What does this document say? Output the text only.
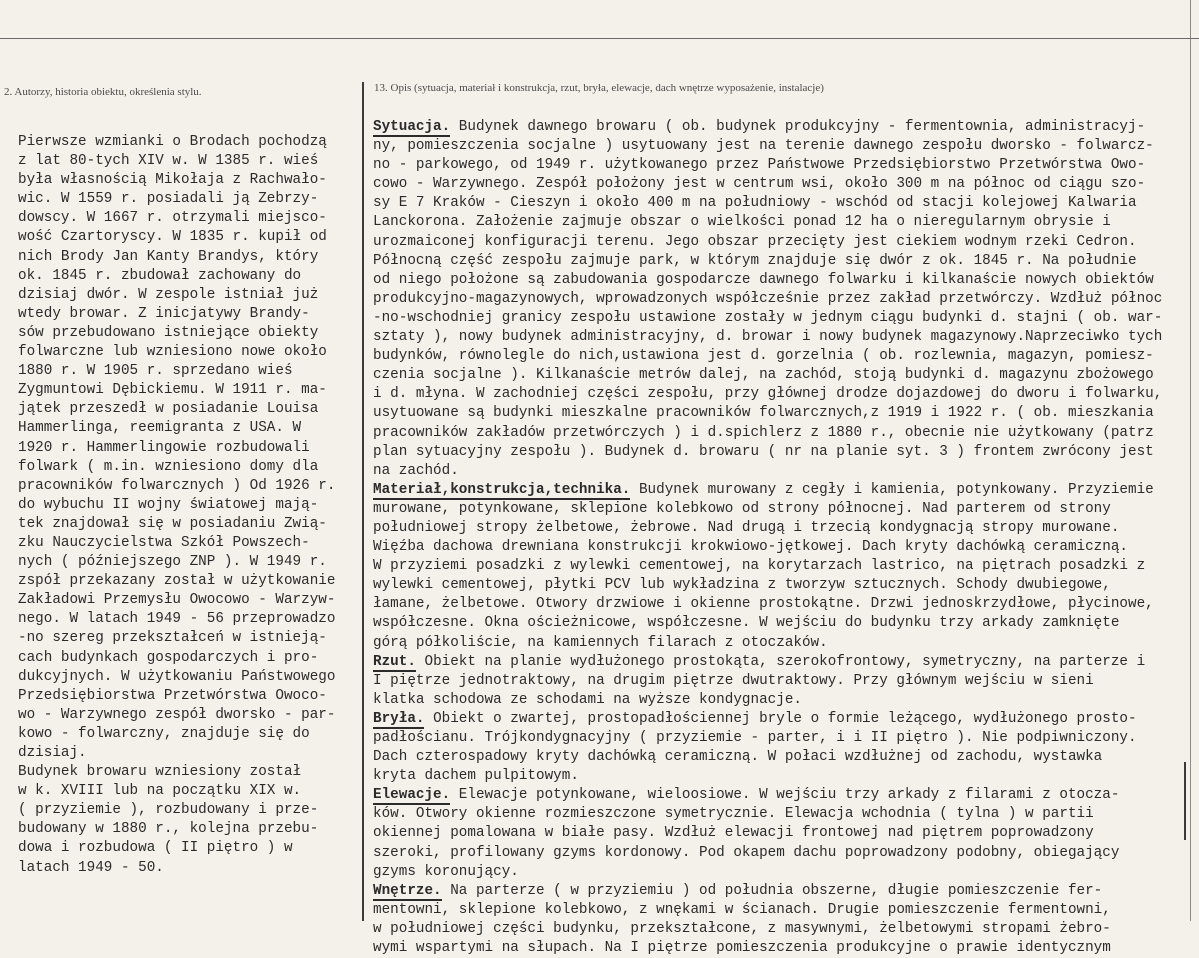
2. Autorzy, historia obiektu, określenia stylu.	13. Opis (sytuacja, materiał i konstrukcja, rzut, bryła, elewacje, dach wnętrze wyposażenie, instalacje)
Pierwsze wzmianki o Brodach pochodzą
z lat 80-tych XIV w. W 1385 r. wieś
była własnością Mikołaja z Rachwało-
wic. W 1559 r. posiadali ją Zebrzy-
dowscy. W 1667 r. otrzymali miejsco-
wość Czartoryscy. W 1835 r. kupił od
nich Brody Jan Kanty Brandys, który
ok. 1845 r. zbudował zachowany do
dzisiaj dwór. W zespole istniał już
wtedy browar. Z inicjatywy Brandy-
sów przebudowano istniejące obiekty
folwarczne lub wzniesiono nowe około
1880 r. W 1905 r. sprzedano wieś
Zygmuntowi Dębickiemu. W 1911 r. ma-
jątek przeszedł w posiadanie Louisa
Hammerlinga, reemigranta z USA. W
1920 r. Hammerlingowie rozbudowali
folwark ( m.in. wzniesiono domy dla
pracowników folwarcznych ) Od 1926 r.
do wybuchu II wojny światowej mają-
tek znajdował się w posiadaniu Zwią-
zku Nauczycielstwa Szkół Powszech-
nych ( późniejszego ZNP ). W 1949 r.
zspół przekazany został w użytkowanie
Zakładowi Przemysłu Owocowo - Warzyw-
nego. W latach 1949 - 56 przeprowadzo
-no szereg przekształceń w istnieją-
cach budynkach gospodarczych i pro-
dukcyjnych. W użytkowaniu Państwowego
Przedsiębiorstwa Przetwórstwa Owoco-
wo - Warzywnego zespół dworsko - par-
kowo - folwarczny, znajduje się do
dzisiaj.
Budynek browaru wzniesiony został
w k. XVIII lub na początku XIX w.
( przyziemie ), rozbudowany i prze-
budowany w 1880 r., kolejna przebu-
dowa i rozbudowa ( II piętro ) w
latach 1949 - 50.
Sytuacja. Budynek dawnego browaru ( ob. budynek produkcyjny - fermentownia, administracyj-
ny, pomieszczenia socjalne ) usytuowany jest na terenie dawnego zespołu dworsko - folwarcz-
no - parkowego, od 1949 r. użytkowanego przez Państwowe Przedsiębiorstwo Przetwórstwa Owo-
cowo - Warzywnego. Zespół położony jest w centrum wsi, około 300 m na północ od ciągu szo-
sy E 7 Kraków - Cieszyn i około 400 m na południowy - wschód od stacji kolejowej Kalwaria
Lanckorona. Założenie zajmuje obszar o wielkości ponad 12 ha o nieregularnym obrysie i
urozmaiconej konfiguracji terenu. Jego obszar przecięty jest ciekiem wodnym rzeki Cedron.
Północną część zespołu zajmuje park, w którym znajduje się dwór z ok. 1845 r. Na południe
od niego położone są zabudowania gospodarcze dawnego folwarku i kilkanaście nowych obiektów
produkcyjno-magazynowych, wprowadzonych współcześnie przez zakład przetwórczy. Wzdłuż północ
-no-wschodniej granicy zespołu ustawione zostały w jednym ciągu budynki d. stajni ( ob. war-
sztaty ), nowy budynek administracyjny, d. browar i nowy budynek magazynowy.Naprzeciwko tych
budynków, równolegle do nich,ustawiona jest d. gorzelnia ( ob. rozlewnia, magazyn, pomiesz-
czenia socjalne ). Kilkanaście metrów dalej, na zachód, stoją budynki d. magazynu zbożowego
i d. młyna. W zachodniej części zespołu, przy głównej drodze dojazdowej do dworu i folwarku,
usytuowane są budynki mieszkalne pracowników folwarcznych,z 1919 i 1922 r. ( ob. mieszkania
pracowników zakładów przetwórczych ) i d.spichlerz z 1880 r., obecnie nie użytkowany (patrz
plan sytuacyjny zespołu ). Budynek d. browaru ( nr na planie syt. 3 ) frontem zwrócony jest
na zachód.
Materiał,konstrukcja,technika. Budynek murowany z cegły i kamienia, potynkowany. Przyziemie
murowane, potynkowane, sklepione kolebkowo od strony północnej. Nad parterem od strony
południowej stropy żelbetowe, żebrowe. Nad drugą i trzecią kondygnacją stropy murowane.
Więźba dachowa drewniana konstrukcji krokwiowo-jętkowej. Dach kryty dachówką ceramiczną.
W przyziemi posadzki z wylewki cementowej, na korytarzach lastrico, na piętrach posadzki z
wylewki cementowej, płytki PCV lub wykładzina z tworzyw sztucznych. Schody dwubiegowe,
łamane, żelbetowe. Otwory drzwiowe i okienne prostokątne. Drzwi jednoskrzydłowe, płycinowe,
współczesne. Okna ościeżnicowe, współczesne. W wejściu do budynku trzy arkady zamknięte
górą półkoliście, na kamiennych filarach z otoczaków.
Rzut. Obiekt na planie wydłużonego prostokąta, szerokofrontowy, symetryczny, na parterze i
I piętrze jednotraktowy, na drugim piętrze dwutraktowy. Przy głównym wejściu w sieni
klatka schodowa ze schodami na wyższe kondygnacje.
Bryła. Obiekt o zwartej, prostopadłościennej bryle o formie leżącego, wydłużonego prosto-
padłościanu. Trójkondygnacyjny ( przyziemie - parter, i i II piętro ). Nie podpiwniczony.
Dach czterospadowy kryty dachówką ceramiczną. W połaci wzdłużnej od zachodu, wystawka
kryta dachem pulpitowym.
Elewacje. Elewacje potynkowane, wieloosiowe. W wejściu trzy arkady z filarami z otocza-
ków. Otwory okienne rozmieszczone symetrycznie. Elewacja wchodnia ( tylna ) w partii
okiennej pomalowana w białe pasy. Wzdłuż elewacji frontowej nad piętrem poprowadzony
szeroki, profilowany gzyms kordonowy. Pod okapem dachu poprowadzony podobny, obiegający
gzyms koronujący.
Wnętrze. Na parterze ( w przyziemiu ) od południa obszerne, długie pomieszczenie fer-
mentowni, sklepione kolebkowo, z wnękami w ścianach. Drugie pomieszczenie fermentowni,
w południowej części budynku, przekształcone, z masywnymi, żelbetowymi stropami żebro-
wymi wspartymi na słupach. Na I piętrze pomieszczenia produkcyjne o prawie identycznym
